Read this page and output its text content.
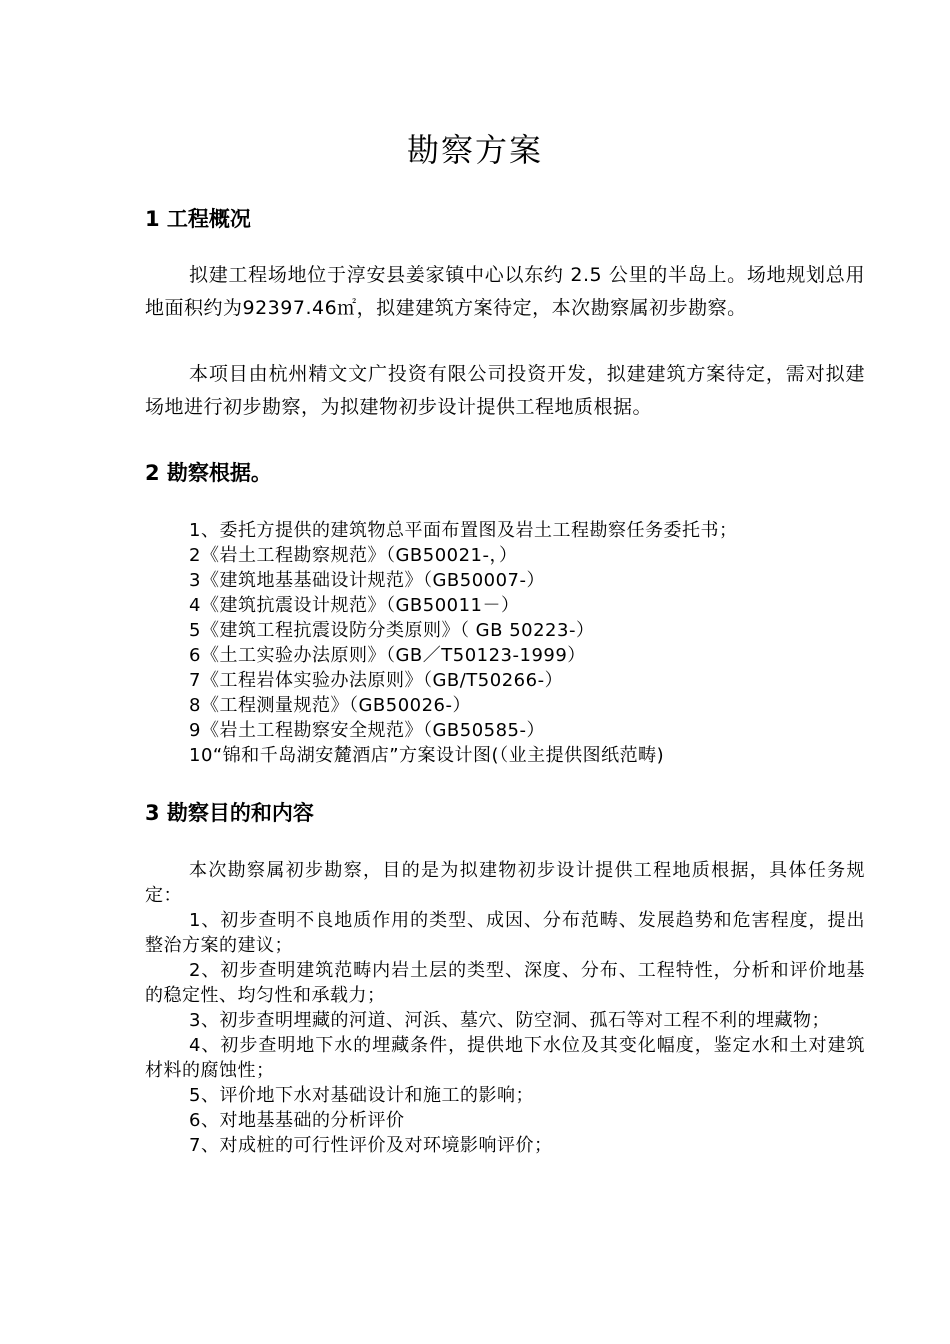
勘察方案
1 工程概况
拟建工程场地位于淳安县姜家镇中心以东约 2.5 公里的半岛上。场地规划总用地面积约为92397.46㎡，拟建建筑方案待定，本次勘察属初步勘察。
本项目由杭州精文文广投资有限公司投资开发，拟建建筑方案待定，需对拟建场地进行初步勘察，为拟建物初步设计提供工程地质根据。
2 勘察根据。
1、委托方提供的建筑物总平面布置图及岩土工程勘察任务委托书；
2《岩土工程勘察规范》（GB50021-，）
3《建筑地基基础设计规范》（GB50007-）
4《建筑抗震设计规范》（GB50011－）
5《建筑工程抗震设防分类原则》（ GB 50223-）
6《土工实验办法原则》（GB／T50123-1999）
7《工程岩体实验办法原则》（GB/T50266-）
8《工程测量规范》（GB50026-）
9《岩土工程勘察安全规范》（GB50585-）
10“锦和千岛湖安麓酒店”方案设计图(（业主提供图纸范畴)
3 勘察目的和内容
本次勘察属初步勘察，目的是为拟建物初步设计提供工程地质根据，具体任务规定：
1、初步查明不良地质作用的类型、成因、分布范畴、发展趋势和危害程度，提出整治方案的建议；
2、初步查明建筑范畴内岩土层的类型、深度、分布、工程特性，分析和评价地基的稳定性、均匀性和承载力；
3、初步查明埋藏的河道、河浜、墓穴、防空洞、孤石等对工程不利的埋藏物；
4、初步查明地下水的埋藏条件，提供地下水位及其变化幅度，鉴定水和土对建筑材料的腐蚀性；
5、评价地下水对基础设计和施工的影响；
6、对地基基础的分析评价
7、对成桩的可行性评价及对环境影响评价；
